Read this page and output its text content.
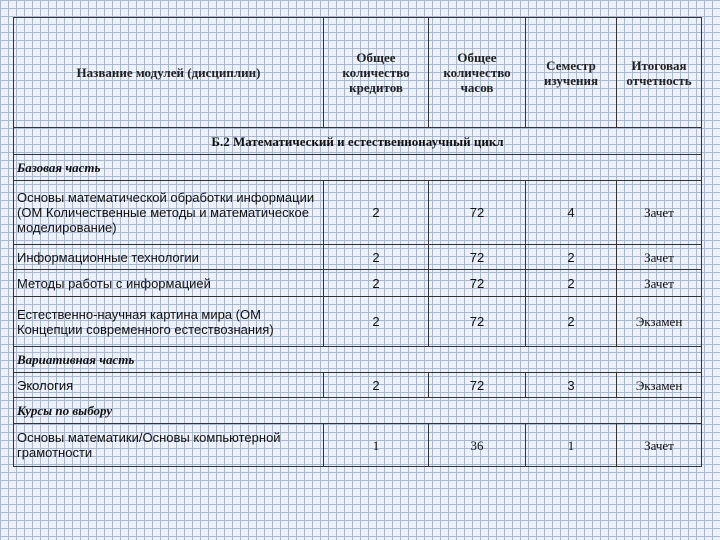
Название модулей (дисциплин)	Общее количество кредитов	Общее количество часов	Семестр изучения	Итоговая отчетность
Б.2 Математический и естественнонаучный цикл				
Базовая часть				
Основы математической обработки информации (ОМ Количественные методы и математическое моделирование)	2	72	4	Зачет
Информационные технологии	2	72	2	Зачет
Методы работы с информацией	2	72	2	Зачет
Естественно-научная картина мира (ОМ Концепции современного естествознания)	2	72	2	Экзамен
Вариативная часть				
Экология	2	72	3	Экзамен
Курсы по выбору				
Основы математики/Основы компьютерной грамотности	1	36	1	Зачет
